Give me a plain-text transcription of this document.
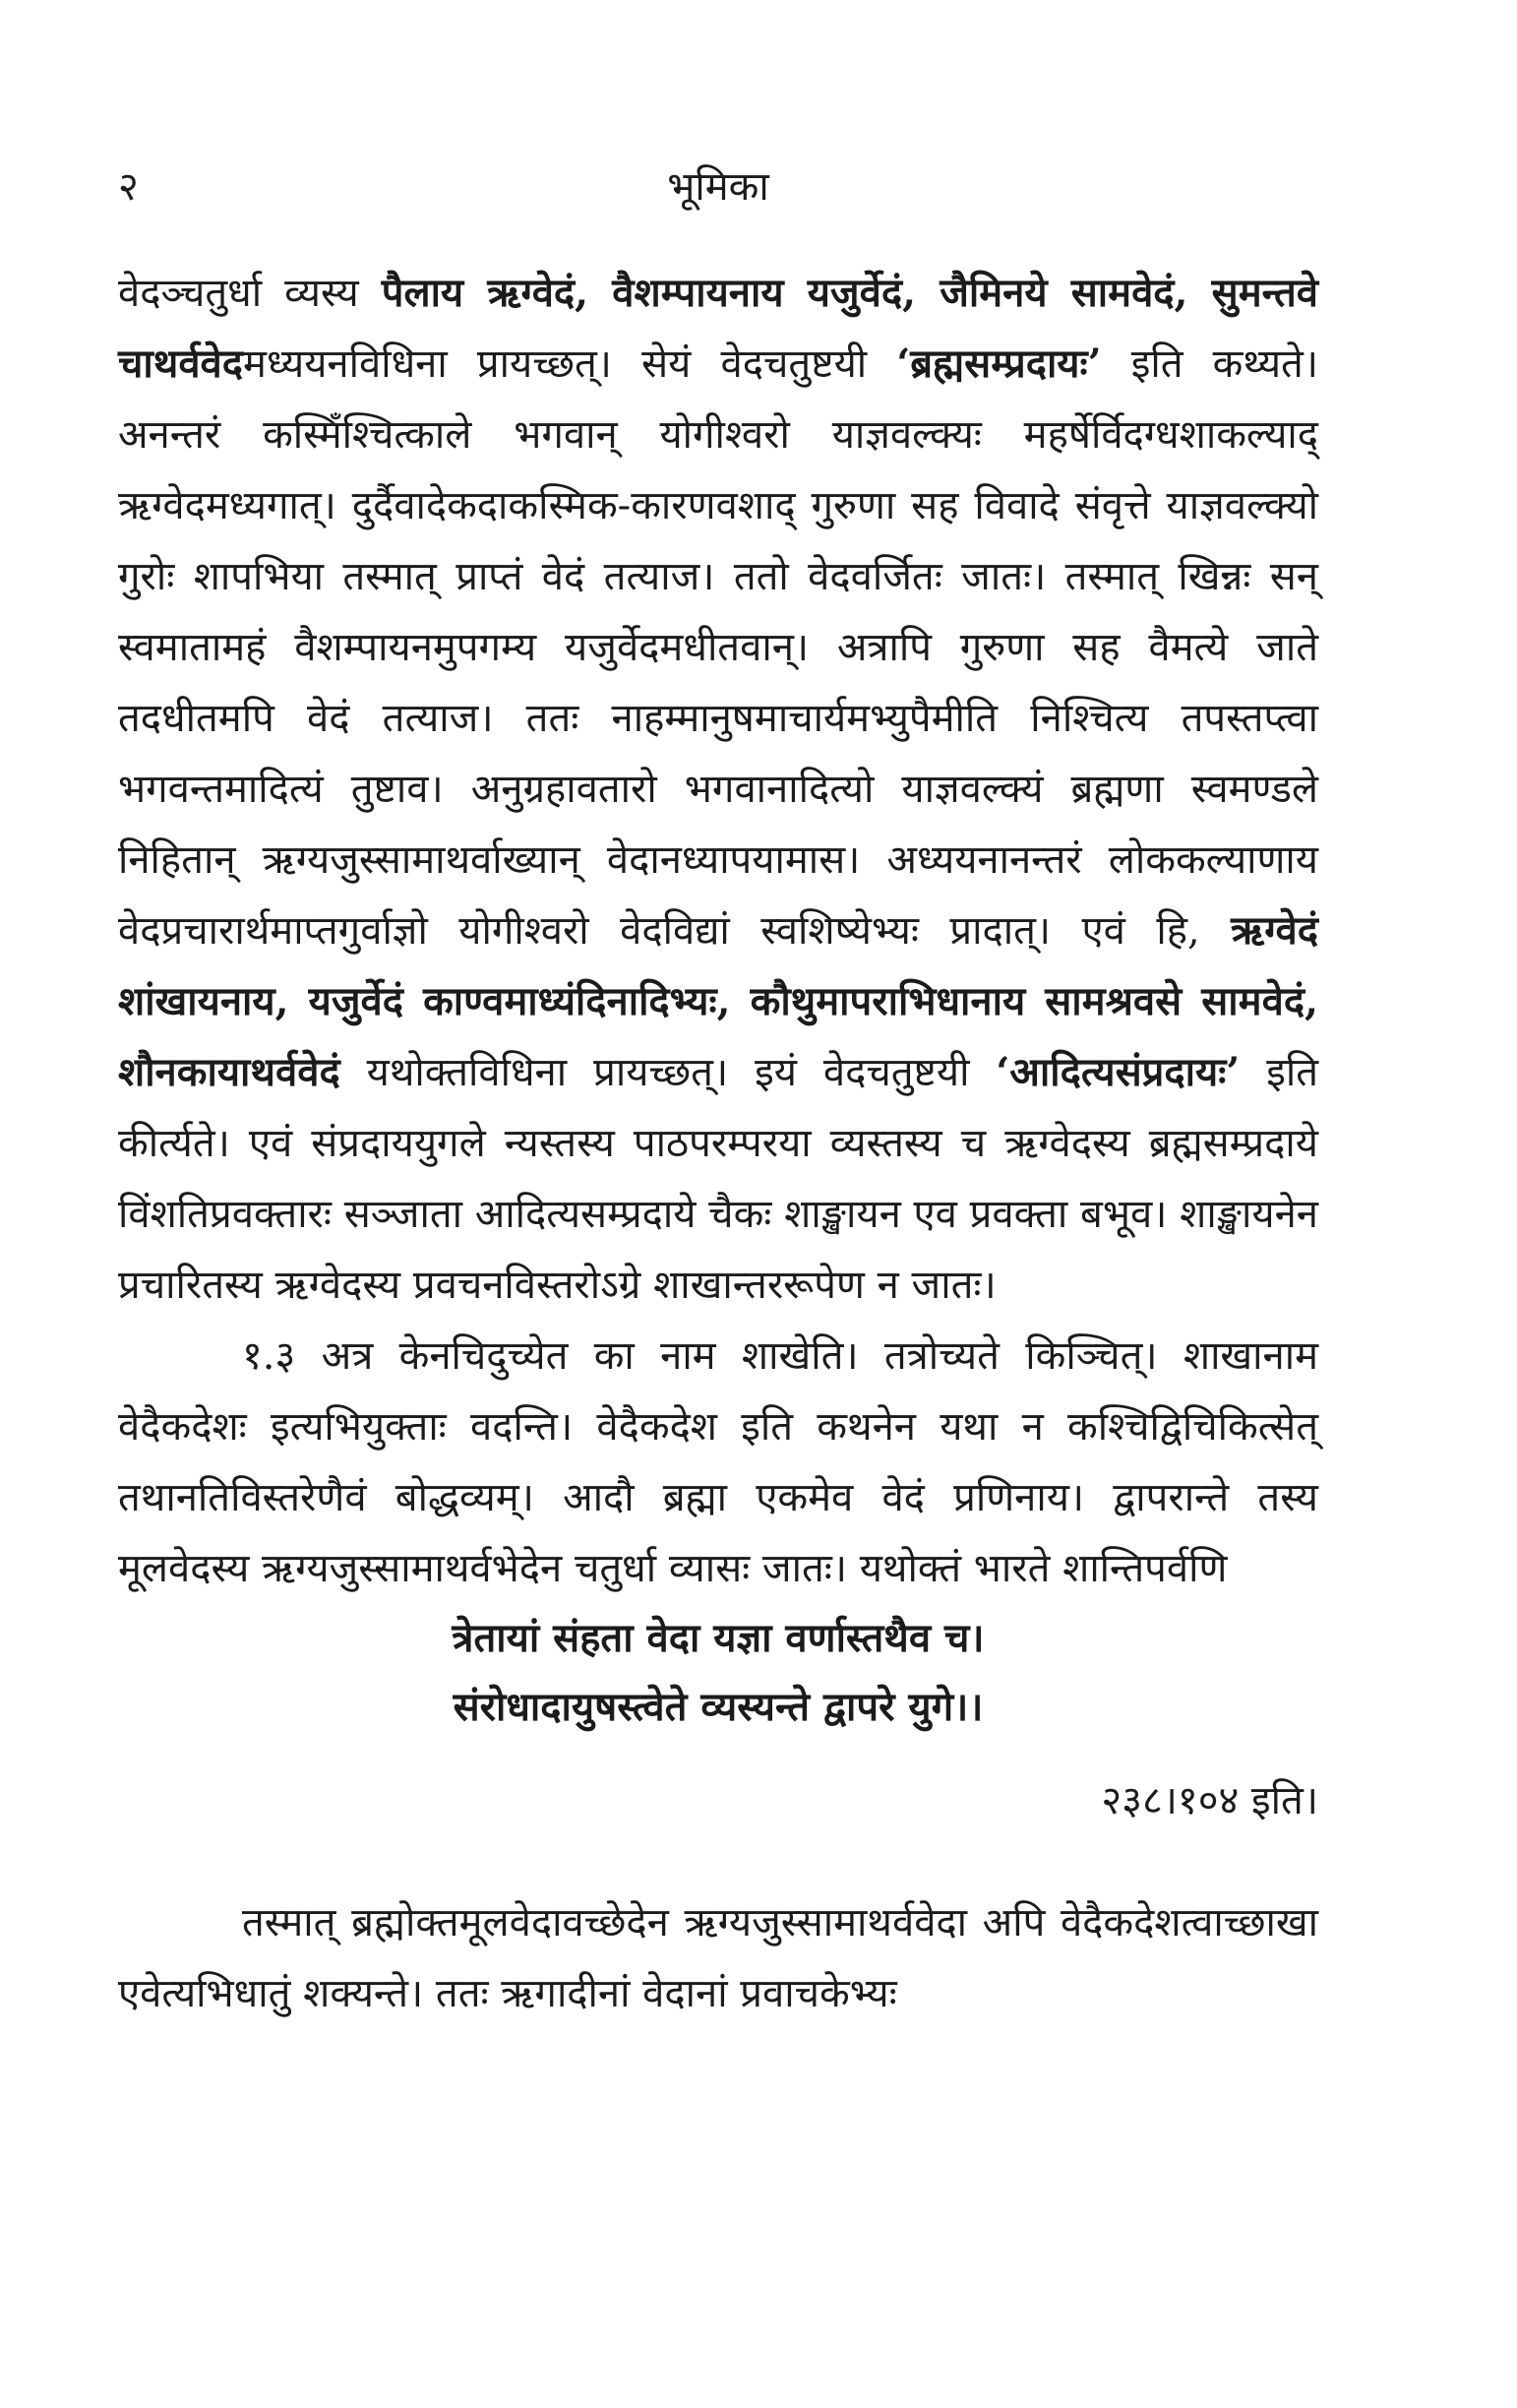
२	भूमिका

वेदञ्चतुर्धा व्यस्य पैलाय ऋग्वेदं, वैशम्पायनाय यजुर्वेदं, जैमिनये सामवेदं, सुमन्तवे चाथर्ववेदमध्ययनविधिना प्रायच्छत्। सेयं वेदचतुष्टयी ‘ब्रह्मसम्प्रदायः’ इति कथ्यते। अनन्तरं कस्मिँश्चित्काले भगवान् योगीश्वरो याज्ञवल्क्यः महर्षेर्विदग्धशाकल्याद् ऋग्वेदमध्यगात्। दुर्दैवादेकदाकस्मिक-कारणवशाद् गुरुणा सह विवादे संवृत्ते याज्ञवल्क्यो गुरोः शापभिया तस्मात् प्राप्तं वेदं तत्याज। ततो वेदवर्जितः जातः। तस्मात् खिन्नः सन् स्वमातामहं वैशम्पायनमुपगम्य यजुर्वेदमधीतवान्। अत्रापि गुरुणा सह वैमत्ये जाते तदधीतमपि वेदं तत्याज। ततः नाहम्मानुषमाचार्यमभ्युपैमीति निश्चित्य तपस्तप्त्वा भगवन्तमादित्यं तुष्टाव। अनुग्रहावतारो भगवानादित्यो याज्ञवल्क्यं ब्रह्मणा स्वमण्डले निहितान् ऋग्यजुस्सामाथर्वाख्यान् वेदानध्यापयामास। अध्ययनानन्तरं लोककल्याणाय वेदप्रचारार्थमाप्तगुर्वाज्ञो योगीश्वरो वेदविद्यां स्वशिष्येभ्यः प्रादात्। एवं हि, ऋग्वेदं शांखायनाय, यजुर्वेदं काण्वमाध्यंदिनादिभ्यः, कौथुमापराभिधानाय सामश्रवसे सामवेदं, शौनकायाथर्ववेदं यथोक्तविधिना प्रायच्छत्। इयं वेदचतुष्टयी ‘आदित्यसंप्रदायः’ इति कीर्त्यते। एवं संप्रदाययुगले न्यस्तस्य पाठपरम्परया व्यस्तस्य च ऋग्वेदस्य ब्रह्मसम्प्रदाये विंशतिप्रवक्तारः सञ्जाता आदित्यसम्प्रदाये चैकः शाङ्खायन एव प्रवक्ता बभूव। शाङ्खायनेन प्रचारितस्य ऋग्वेदस्य प्रवचनविस्तरोऽग्रे शाखान्तररूपेण न जातः।

१.३ अत्र केनचिदुच्येत का नाम शाखेति। तत्रोच्यते किञ्चित्। शाखानाम वेदैकदेशः इत्यभियुक्ताः वदन्ति। वेदैकदेश इति कथनेन यथा न कश्चिद्विचिकित्सेत् तथानतिविस्तरेणैवं बोद्धव्यम्। आदौ ब्रह्मा एकमेव वेदं प्रणिनाय। द्वापरान्ते तस्य मूलवेदस्य ऋग्यजुस्सामाथर्वभेदेन चतुर्धा व्यासः जातः। यथोक्तं भारते शान्तिपर्वणि

त्रेतायां संहता वेदा यज्ञा वर्णास्तथैव च।

संरोधादायुषस्त्वेते व्यस्यन्ते द्वापरे युगे।।

२३८।१०४ इति।

तस्मात् ब्रह्मोक्तमूलवेदावच्छेदेन ऋग्यजुस्सामाथर्ववेदा अपि वेदैकदेशत्वाच्छाखा एवेत्यभिधातुं शक्यन्ते। ततः ऋगादीनां वेदानां प्रवाचकेभ्यः
